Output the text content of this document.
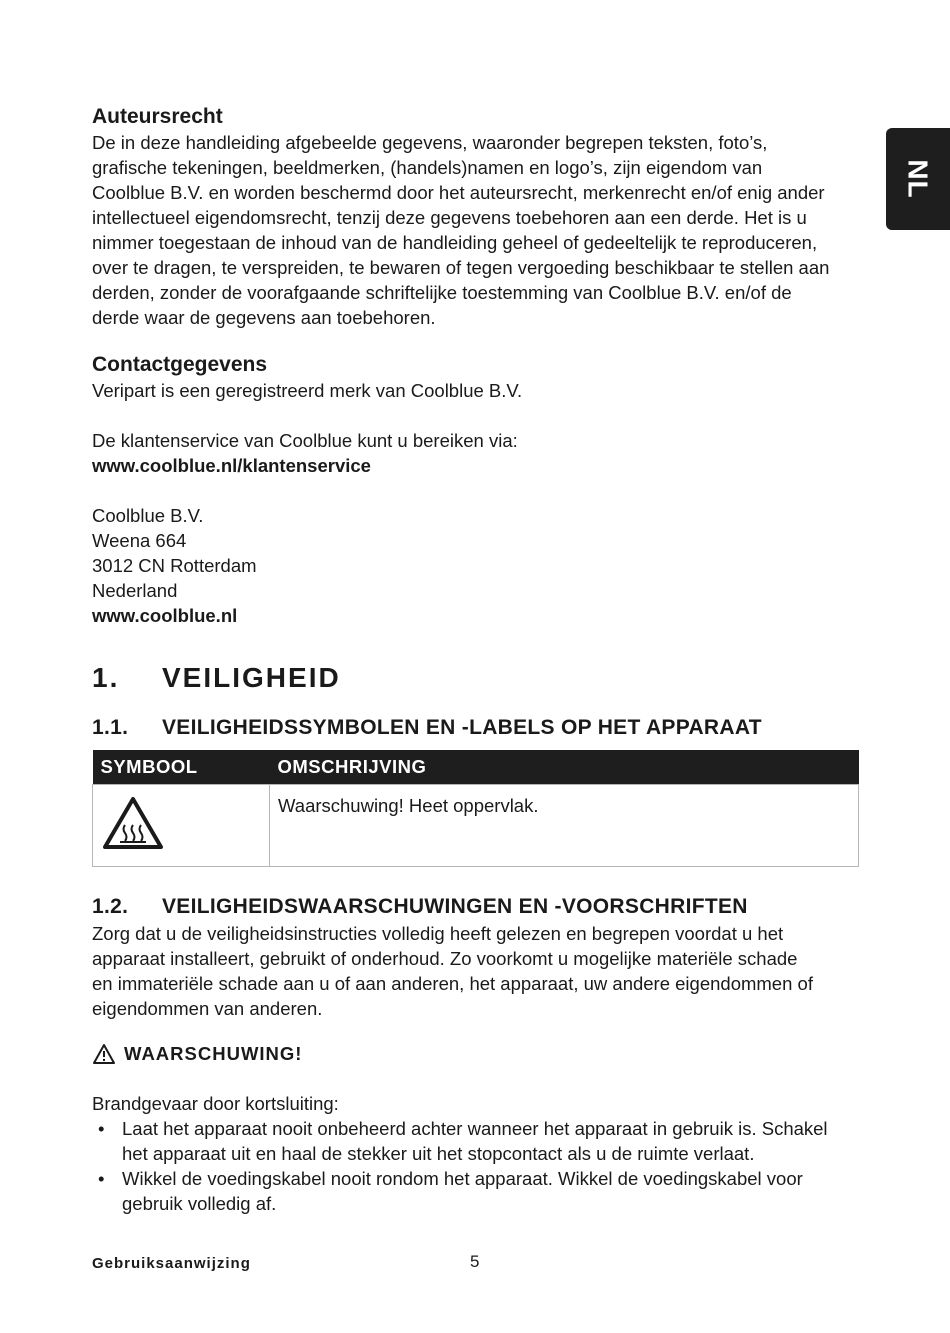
NL
Auteursrecht

De in deze handleiding afgebeelde gegevens, waaronder begrepen teksten, foto’s,

grafische tekeningen, beeldmerken, (handels)namen en logo’s, zijn eigendom van

Coolblue B.V. en worden beschermd door het auteursrecht, merkenrecht en/of enig ander

intellectueel eigendomsrecht, tenzij deze gegevens toebehoren aan een derde. Het is u

nimmer toegestaan de inhoud van de handleiding geheel of gedeeltelijk te reproduceren,

over te dragen, te verspreiden, te bewaren of tegen vergoeding beschikbaar te stellen aan

derden, zonder de voorafgaande schriftelijke toestemming van Coolblue B.V. en/of de

derde waar de gegevens aan toebehoren.

Contactgegevens

Veripart is een geregistreerd merk van Coolblue B.V.

De klantenservice van Coolblue kunt u bereiken via:

www.coolblue.nl/klantenservice

Coolblue B.V.

Weena 664

3012 CN Rotterdam

Nederland

www.coolblue.nl

1.	VEILIGHEID
1.1.	VEILIGHEIDSSYMBOLEN EN -LABELS OP HET APPARAAT
SYMBOOL	OMSCHRIJVING
	Waarschuwing! Heet oppervlak.
1.2.	VEILIGHEIDSWAARSCHUWINGEN EN -VOORSCHRIFTEN

Zorg dat u de veiligheidsinstructies volledig heeft gelezen en begrepen voordat u het

apparaat installeert, gebruikt of onderhoud. Zo voorkomt u mogelijke materiële schade

en immateriële schade aan u of aan anderen, het apparaat, uw andere eigendommen of

eigendommen van anderen.

WAARSCHUWING!

Brandgevaar door kortsluiting:

• Laat het apparaat nooit onbeheerd achter wanneer het apparaat in gebruik is. Schakel
het apparaat uit en haal de stekker uit het stopcontact als u de ruimte verlaat.
• Wikkel de voedingskabel nooit rondom het apparaat. Wikkel de voedingskabel voor
gebruik volledig af.
Gebruiksaanwijzing	5
